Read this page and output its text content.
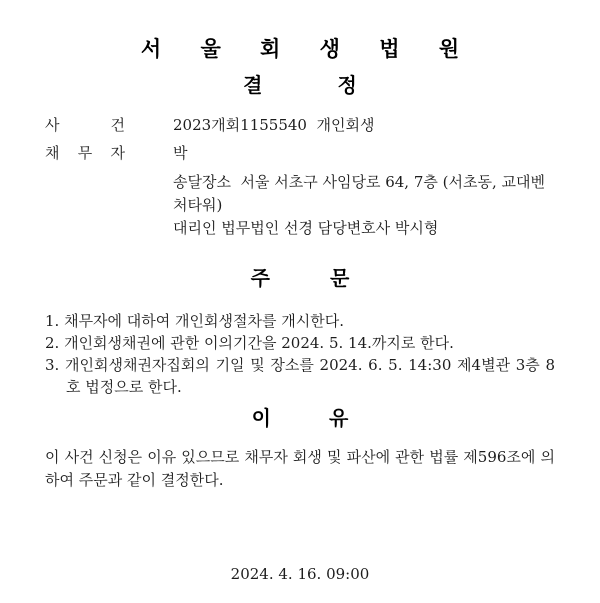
서 울 회 생 법 원
결	정
사	건	2023개회1155540  개인회생
채 무 자	박
송달장소  서울 서초구 사임당로 64, 7층 (서초동, 교대벤처타워)
대리인 법무법인 선경 담당변호사 박시형
주	문
1. 채무자에 대하여 개인회생절차를 개시한다.
2. 개인회생채권에 관한 이의기간을 2024. 5. 14.까지로 한다.
3. 개인회생채권자집회의 기일 및 장소를 2024. 6. 5. 14:30 제4별관 3층 8호 법정으로 한다.
이	유
이 사건 신청은 이유 있으므로 채무자 회생 및 파산에 관한 법률 제596조에 의하여 주문과 같이 결정한다.
2024. 4. 16. 09:00
